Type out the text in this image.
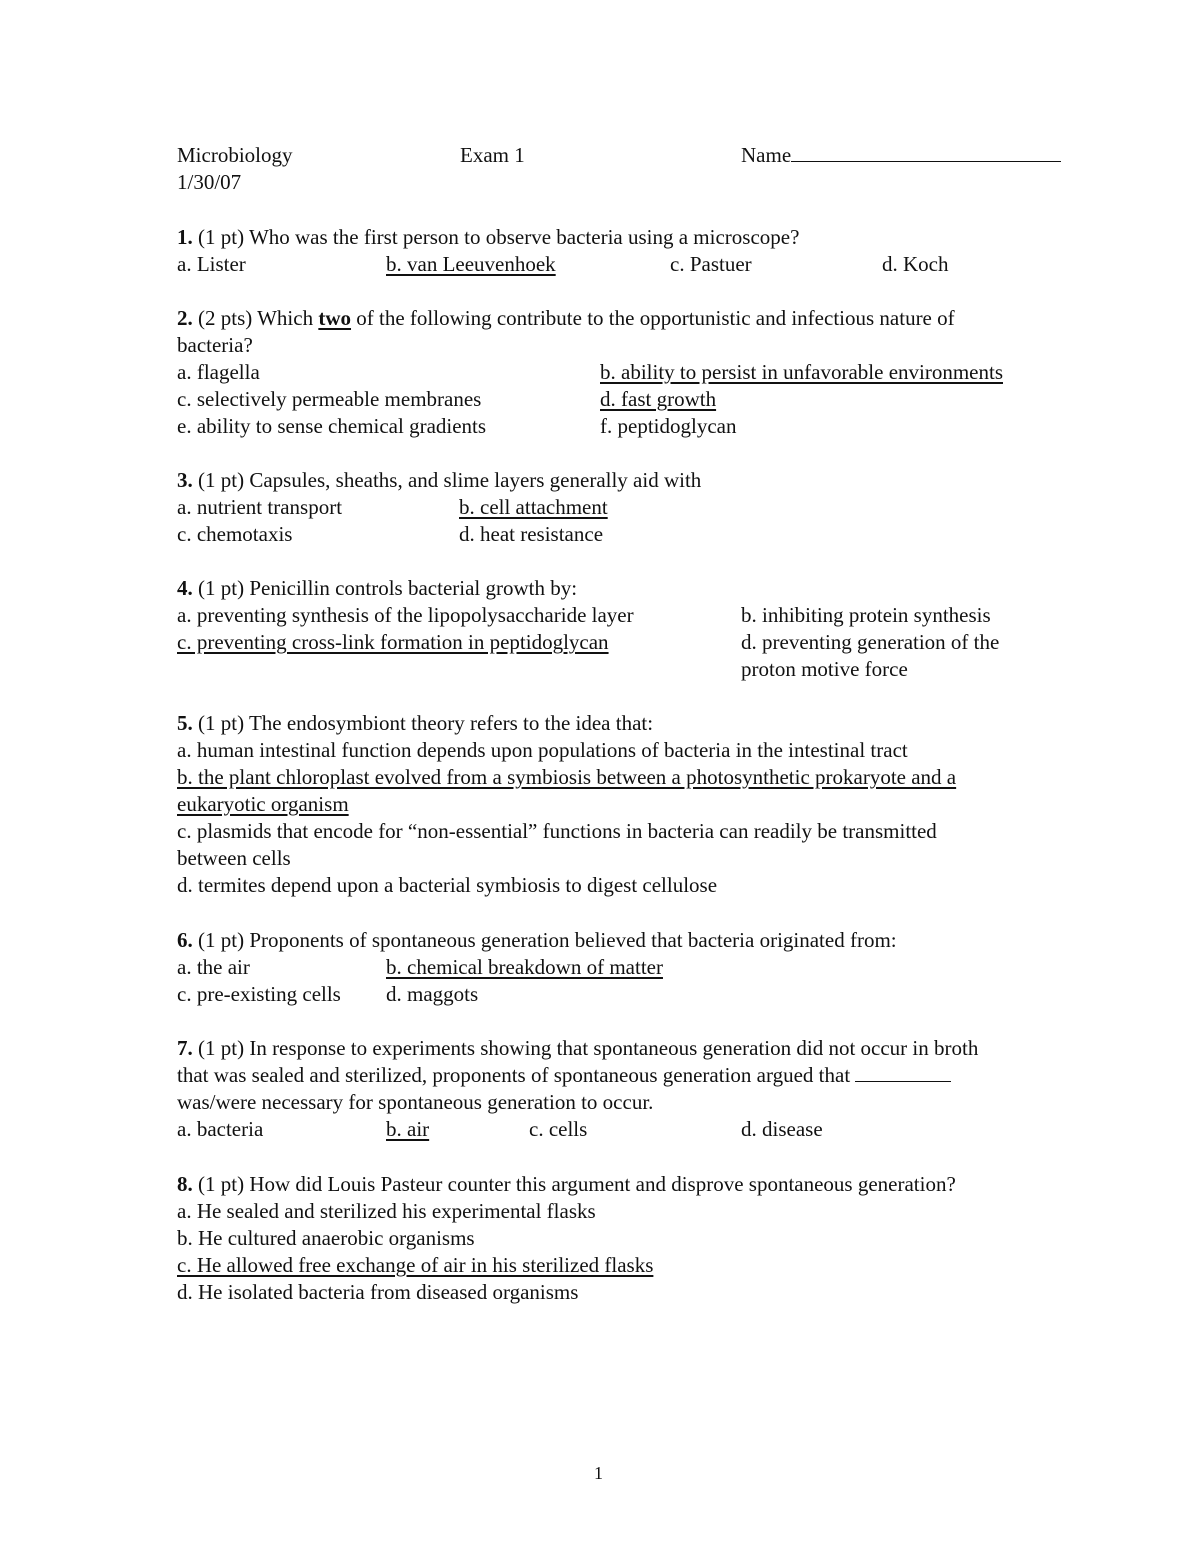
Microbiology	Exam 1	Name
1/30/07
1. (1 pt) Who was the first person to observe bacteria using a microscope?
a. Lister	b. van Leeuvenhoek	c. Pastuer	d. Koch
2. (2 pts) Which two of the following contribute to the opportunistic and infectious nature of
bacteria?
a. flagella	b. ability to persist in unfavorable environments
c. selectively permeable membranes	d. fast growth
e. ability to sense chemical gradients	f. peptidoglycan
3. (1 pt) Capsules, sheaths, and slime layers generally aid with
a. nutrient transport	b. cell attachment
c. chemotaxis	d. heat resistance
4. (1 pt) Penicillin controls bacterial growth by:
a. preventing synthesis of the lipopolysaccharide layer	b. inhibiting protein synthesis
c. preventing cross-link formation in peptidoglycan	d. preventing generation of the
proton motive force
5. (1 pt) The endosymbiont theory refers to the idea that:
a. human intestinal function depends upon populations of bacteria in the intestinal tract
b. the plant chloroplast evolved from a symbiosis between a photosynthetic prokaryote and a
eukaryotic organism
c. plasmids that encode for “non-essential” functions in bacteria can readily be transmitted
between cells
d. termites depend upon a bacterial symbiosis to digest cellulose
6. (1 pt) Proponents of spontaneous generation believed that bacteria originated from:
a. the air	b. chemical breakdown of matter
c. pre-existing cells d. maggots
7. (1 pt) In response to experiments showing that spontaneous generation did not occur in broth
that was sealed and sterilized, proponents of spontaneous generation argued that
was/were necessary for spontaneous generation to occur.
a. bacteria	b. air	c. cells	d. disease
8. (1 pt) How did Louis Pasteur counter this argument and disprove spontaneous generation?
a. He sealed and sterilized his experimental flasks
b. He cultured anaerobic organisms
c. He allowed free exchange of air in his sterilized flasks
d. He isolated bacteria from diseased organisms
1
